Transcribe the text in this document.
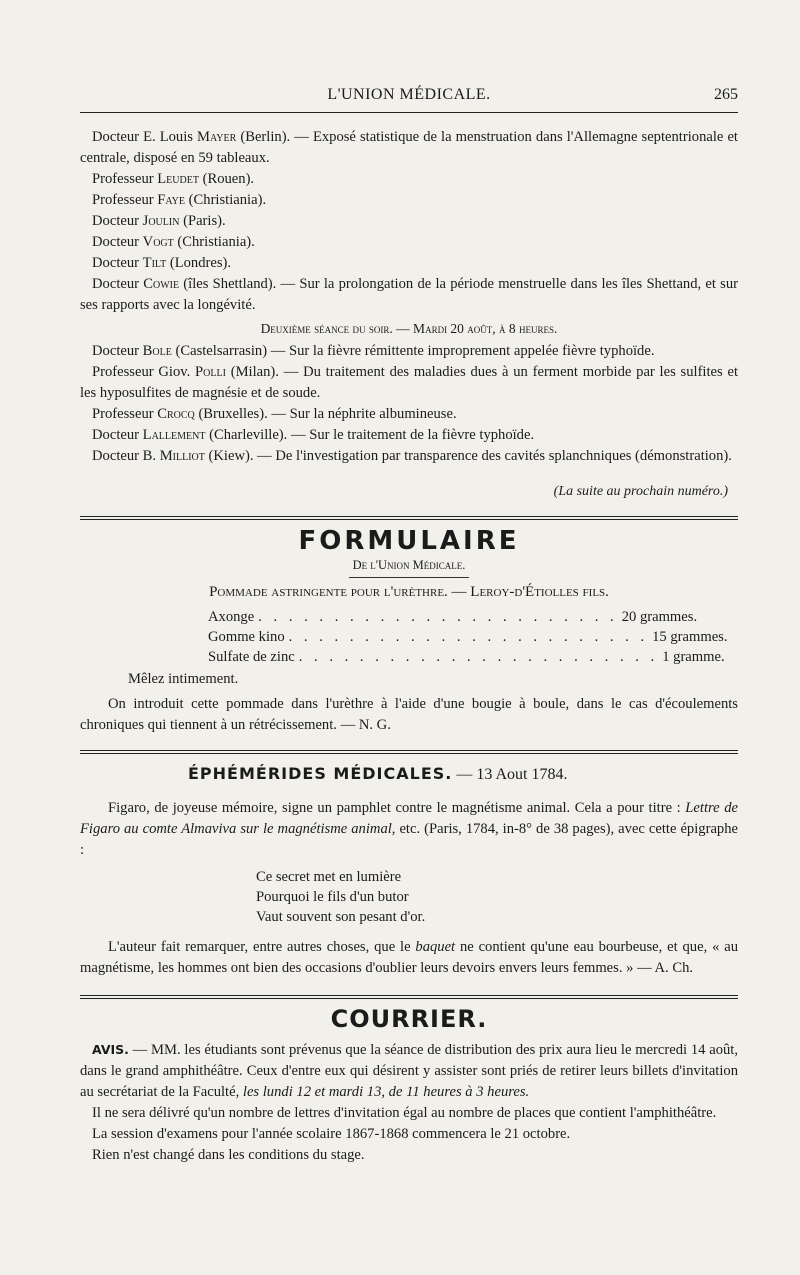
L'UNION MÉDICALE.	265

Docteur E. Louis Mayer (Berlin). — Exposé statistique de la menstruation dans l'Allemagne septentrionale et centrale, disposé en 59 tableaux.

Professeur Leudet (Rouen).

Professeur Faye (Christiania).

Docteur Joulin (Paris).

Docteur Vogt (Christiania).

Docteur Tilt (Londres).

Docteur Cowie (îles Shettland). — Sur la prolongation de la période menstruelle dans les îles Shettand, et sur ses rapports avec la longévité.

Deuxième séance du soir. — Mardi 20 août, à 8 heures.

Docteur Bole (Castelsarrasin) — Sur la fièvre rémittente improprement appelée fièvre typhoïde.

Professeur Giov. Polli (Milan). — Du traitement des maladies dues à un ferment morbide par les sulfites et les hyposulfites de magnésie et de soude.

Professeur Crocq (Bruxelles). — Sur la néphrite albumineuse.

Docteur Lallement (Charleville). — Sur le traitement de la fièvre typhoïde.

Docteur B. Milliot (Kiew). — De l'investigation par transparence des cavités splanchniques (démonstration).

(La suite au prochain numéro.)

FORMULAIRE
De l'Union Médicale.
Pommade astringente pour l'urèthre. — Leroy-d'Étiolles fils.
Axonge . . . . . . . . . . . . . . . . . . . . . . . . 20 grammes.
Gomme kino . . . . . . . . . . . . . . . . . . . . . . . . 15 grammes.
Sulfate de zinc . . . . . . . . . . . . . . . . . . . . . . . . 1 gramme.

Mêlez intimement.

On introduit cette pommade dans l'urèthre à l'aide d'une bougie à boule, dans le cas d'écoulements chroniques qui tiennent à un rétrécissement. — N. G.

ÉPHÉMÉRIDES MÉDICALES. — 13 Aout 1784.

Figaro, de joyeuse mémoire, signe un pamphlet contre le magnétisme animal. Cela a pour titre : Lettre de Figaro au comte Almaviva sur le magnétisme animal, etc. (Paris, 1784, in-8° de 38 pages), avec cette épigraphe :

Ce secret met en lumière
Pourquoi le fils d'un butor
Vaut souvent son pesant d'or.

L'auteur fait remarquer, entre autres choses, que le baquet ne contient qu'une eau bourbeuse, et que, « au magnétisme, les hommes ont bien des occasions d'oublier leurs devoirs envers leurs femmes. » — A. Ch.

COURRIER.

AVIS. — MM. les étudiants sont prévenus que la séance de distribution des prix aura lieu le mercredi 14 août, dans le grand amphithéâtre. Ceux d'entre eux qui désirent y assister sont priés de retirer leurs billets d'invitation au secrétariat de la Faculté, les lundi 12 et mardi 13, de 11 heures à 3 heures.

Il ne sera délivré qu'un nombre de lettres d'invitation égal au nombre de places que contient l'amphithéâtre.

La session d'examens pour l'année scolaire 1867-1868 commencera le 21 octobre.

Rien n'est changé dans les conditions du stage.
